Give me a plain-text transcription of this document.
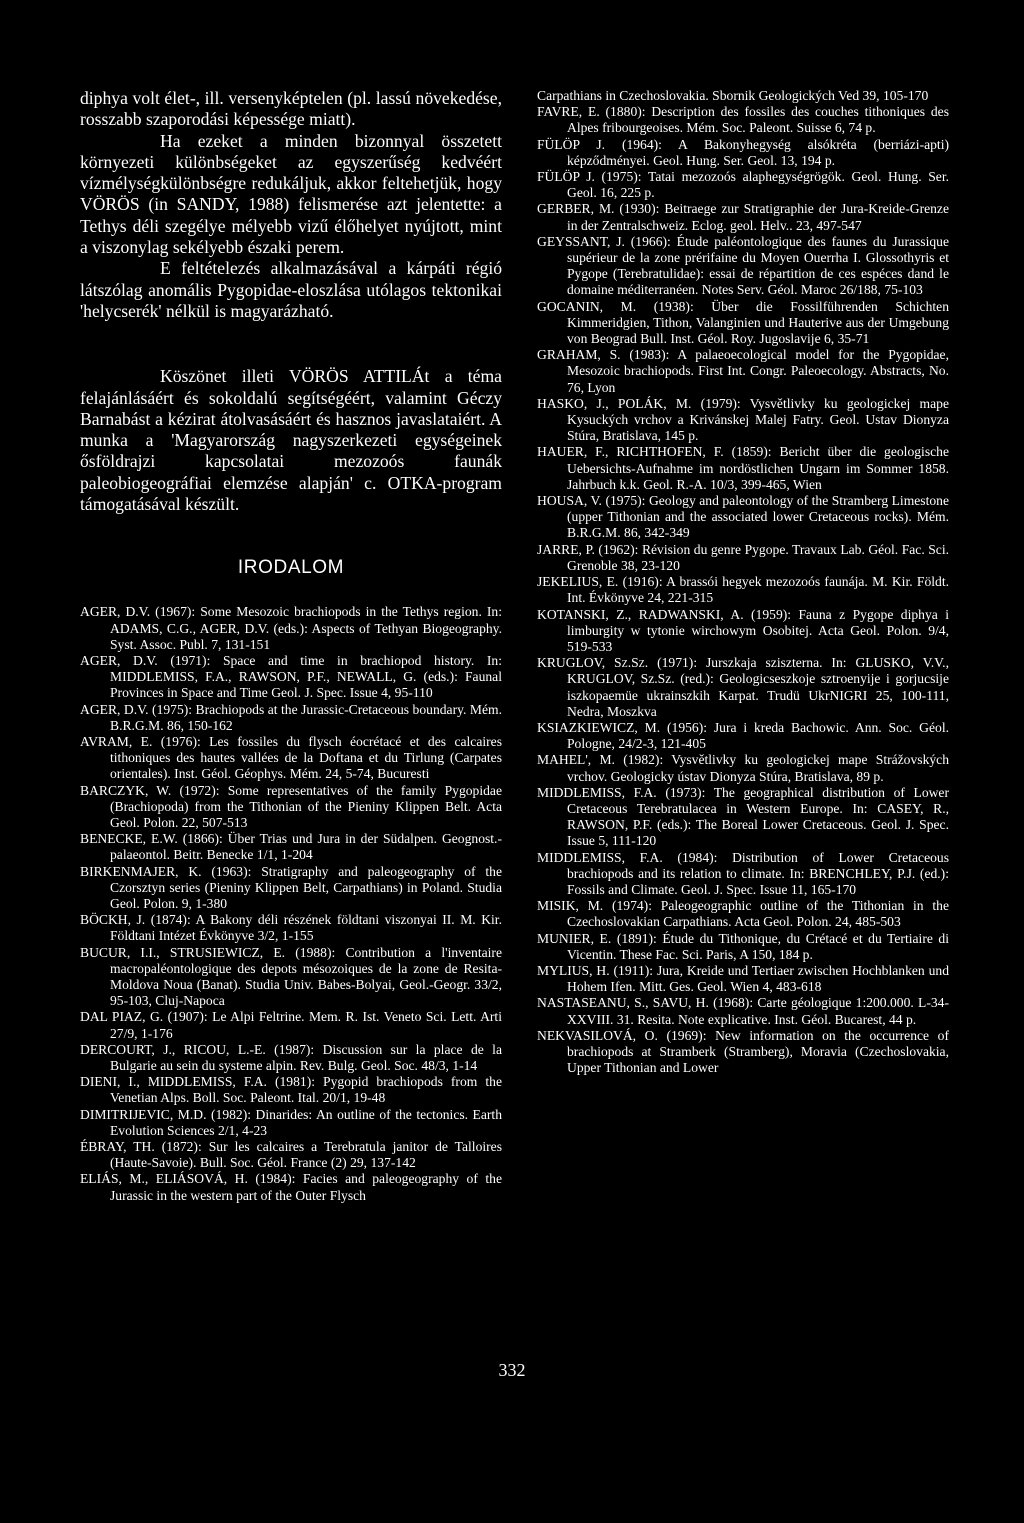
diphya volt élet-, ill. versenyképtelen (pl. lassú növekedése, rosszabb szaporodási képessége miatt).

Ha ezeket a minden bizonnyal összetett környezeti különbségeket az egyszerűség kedvéért vízmélységkülönbségre redukáljuk, akkor feltehetjük, hogy VÖRÖS (in SANDY, 1988) felismerése azt jelentette: a Tethys déli szegélye mélyebb vizű élőhelyet nyújtott, mint a viszonylag sekélyebb északi perem.

E feltételezés alkalmazásával a kárpáti régió látszólag anomális Pygopidae-eloszlása utólagos tektonikai 'helycserék' nélkül is magyarázható.

Köszönet illeti VÖRÖS ATTILÁt a téma felajánlásáért és sokoldalú segítségéért, valamint Géczy Barnabást a kézirat átolvasásáért és hasznos javaslataiért. A munka a 'Magyarország nagyszerkezeti egységeinek ősföldrajzi kapcsolatai mezozoós faunák paleobiogeográfiai elemzése alapján' c. OTKA-program támogatásával készült.

IRODALOM

AGER, D.V. (1967): Some Mesozoic brachiopods in the Tethys region. In: ADAMS, C.G., AGER, D.V. (eds.): Aspects of Tethyan Biogeography. Syst. Assoc. Publ. 7, 131-151

AGER, D.V. (1971): Space and time in brachiopod history. In: MIDDLEMISS, F.A., RAWSON, P.F., NEWALL, G. (eds.): Faunal Provinces in Space and Time Geol. J. Spec. Issue 4, 95-110

AGER, D.V. (1975): Brachiopods at the Jurassic-Cretaceous boundary. Mém. B.R.G.M. 86, 150-162

AVRAM, E. (1976): Les fossiles du flysch éocrétacé et des calcaires tithoniques des hautes vallées de la Doftana et du Tirlung (Carpates orientales). Inst. Géol. Géophys. Mém. 24, 5-74, Bucuresti

BARCZYK, W. (1972): Some representatives of the family Pygopidae (Brachiopoda) from the Tithonian of the Pieniny Klippen Belt. Acta Geol. Polon. 22, 507-513

BENECKE, E.W. (1866): Über Trias und Jura in der Südalpen. Geognost.-palaeontol. Beitr. Benecke 1/1, 1-204

BIRKENMAJER, K. (1963): Stratigraphy and paleogeography of the Czorsztyn series (Pieniny Klippen Belt, Carpathians) in Poland. Studia Geol. Polon. 9, 1-380

BÖCKH, J. (1874): A Bakony déli részének földtani viszonyai II. M. Kir. Földtani Intézet Évkönyve 3/2, 1-155

BUCUR, I.I., STRUSIEWICZ, E. (1988): Contribution a l'inventaire macropaléontologique des depots mésozoiques de la zone de Resita-Moldova Noua (Banat). Studia Univ. Babes-Bolyai, Geol.-Geogr. 33/2, 95-103, Cluj-Napoca

DAL PIAZ, G. (1907): Le Alpi Feltrine. Mem. R. Ist. Veneto Sci. Lett. Arti 27/9, 1-176

DERCOURT, J., RICOU, L.-E. (1987): Discussion sur la place de la Bulgarie au sein du systeme alpin. Rev. Bulg. Geol. Soc. 48/3, 1-14

DIENI, I., MIDDLEMISS, F.A. (1981): Pygopid brachiopods from the Venetian Alps. Boll. Soc. Paleont. Ital. 20/1, 19-48

DIMITRIJEVIC, M.D. (1982): Dinarides: An outline of the tectonics. Earth Evolution Sciences 2/1, 4-23

ÉBRAY, TH. (1872): Sur les calcaires a Terebratula janitor de Talloires (Haute-Savoie). Bull. Soc. Géol. France (2) 29, 137-142

ELIÁS, M., ELIÁSOVÁ, H. (1984): Facies and paleogeography of the Jurassic in the western part of the Outer Flysch

Carpathians in Czechoslovakia. Sbornik Geologických Ved 39, 105-170

FAVRE, E. (1880): Description des fossiles des couches tithoniques des Alpes fribourgeoises. Mém. Soc. Paleont. Suisse 6, 74 p.

FÜLÖP J. (1964): A Bakonyhegység alsókréta (berriázi-apti) képződményei. Geol. Hung. Ser. Geol. 13, 194 p.

FÜLÖP J. (1975): Tatai mezozoós alaphegységrögök. Geol. Hung. Ser. Geol. 16, 225 p.

GERBER, M. (1930): Beitraege zur Stratigraphie der Jura-Kreide-Grenze in der Zentralschweiz. Eclog. geol. Helv.. 23, 497-547

GEYSSANT, J. (1966): Étude paléontologique des faunes du Jurassique supérieur de la zone prérifaine du Moyen Ouerrha I. Glossothyris et Pygope (Terebratulidae): essai de répartition de ces espéces dand le domaine méditerranéen. Notes Serv. Géol. Maroc 26/188, 75-103

GOCANIN, M. (1938): Über die Fossilführenden Schichten Kimmeridgien, Tithon, Valanginien und Hauterive aus der Umgebung von Beograd Bull. Inst. Géol. Roy. Jugoslavije 6, 35-71

GRAHAM, S. (1983): A palaeoecological model for the Pygopidae, Mesozoic brachiopods. First Int. Congr. Paleoecology. Abstracts, No. 76, Lyon

HASKO, J., POLÁK, M. (1979): Vysvětlivky ku geologickej mape Kysuckých vrchov a Krivánskej Malej Fatry. Geol. Ustav Dionyza Stúra, Bratislava, 145 p.

HAUER, F., RICHTHOFEN, F. (1859): Bericht über die geologische Uebersichts-Aufnahme im nordöstlichen Ungarn im Sommer 1858. Jahrbuch k.k. Geol. R.-A. 10/3, 399-465, Wien

HOUSA, V. (1975): Geology and paleontology of the Stramberg Limestone (upper Tithonian and the associated lower Cretaceous rocks). Mém. B.R.G.M. 86, 342-349

JARRE, P. (1962): Révision du genre Pygope. Travaux Lab. Géol. Fac. Sci. Grenoble 38, 23-120

JEKELIUS, E. (1916): A brassói hegyek mezozoós faunája. M. Kir. Földt. Int. Évkönyve 24, 221-315

KOTANSKI, Z., RADWANSKI, A. (1959): Fauna z Pygope diphya i limburgity w tytonie wirchowym Osobitej. Acta Geol. Polon. 9/4, 519-533

KRUGLOV, Sz.Sz. (1971): Jurszkaja sziszterna. In: GLUSKO, V.V., KRUGLOV, Sz.Sz. (red.): Geologicseszkoje sztroenyije i gorjucsije iszkopaemüe ukrainszkih Karpat. Trudü UkrNIGRI 25, 100-111, Nedra, Moszkva

KSIAZKIEWICZ, M. (1956): Jura i kreda Bachowic. Ann. Soc. Géol. Pologne, 24/2-3, 121-405

MAHEL', M. (1982): Vysvětlivky ku geologickej mape Strážovských vrchov. Geologicky ústav Dionyza Stúra, Bratislava, 89 p.

MIDDLEMISS, F.A. (1973): The geographical distribution of Lower Cretaceous Terebratulacea in Western Europe. In: CASEY, R., RAWSON, P.F. (eds.): The Boreal Lower Cretaceous. Geol. J. Spec. Issue 5, 111-120

MIDDLEMISS, F.A. (1984): Distribution of Lower Cretaceous brachiopods and its relation to climate. In: BRENCHLEY, P.J. (ed.): Fossils and Climate. Geol. J. Spec. Issue 11, 165-170

MISIK, M. (1974): Paleogeographic outline of the Tithonian in the Czechoslovakian Carpathians. Acta Geol. Polon. 24, 485-503

MUNIER, E. (1891): Étude du Tithonique, du Crétacé et du Tertiaire di Vicentin. These Fac. Sci. Paris, A 150, 184 p.

MYLIUS, H. (1911): Jura, Kreide und Tertiaer zwischen Hochblanken und Hohem Ifen. Mitt. Ges. Geol. Wien 4, 483-618

NASTASEANU, S., SAVU, H. (1968): Carte géologique 1:200.000. L-34-XXVIII. 31. Resita. Note explicative. Inst. Géol. Bucarest, 44 p.

NEKVASILOVÁ, O. (1969): New information on the occurrence of brachiopods at Stramberk (Stramberg), Moravia (Czechoslovakia, Upper Tithonian and Lower

332
